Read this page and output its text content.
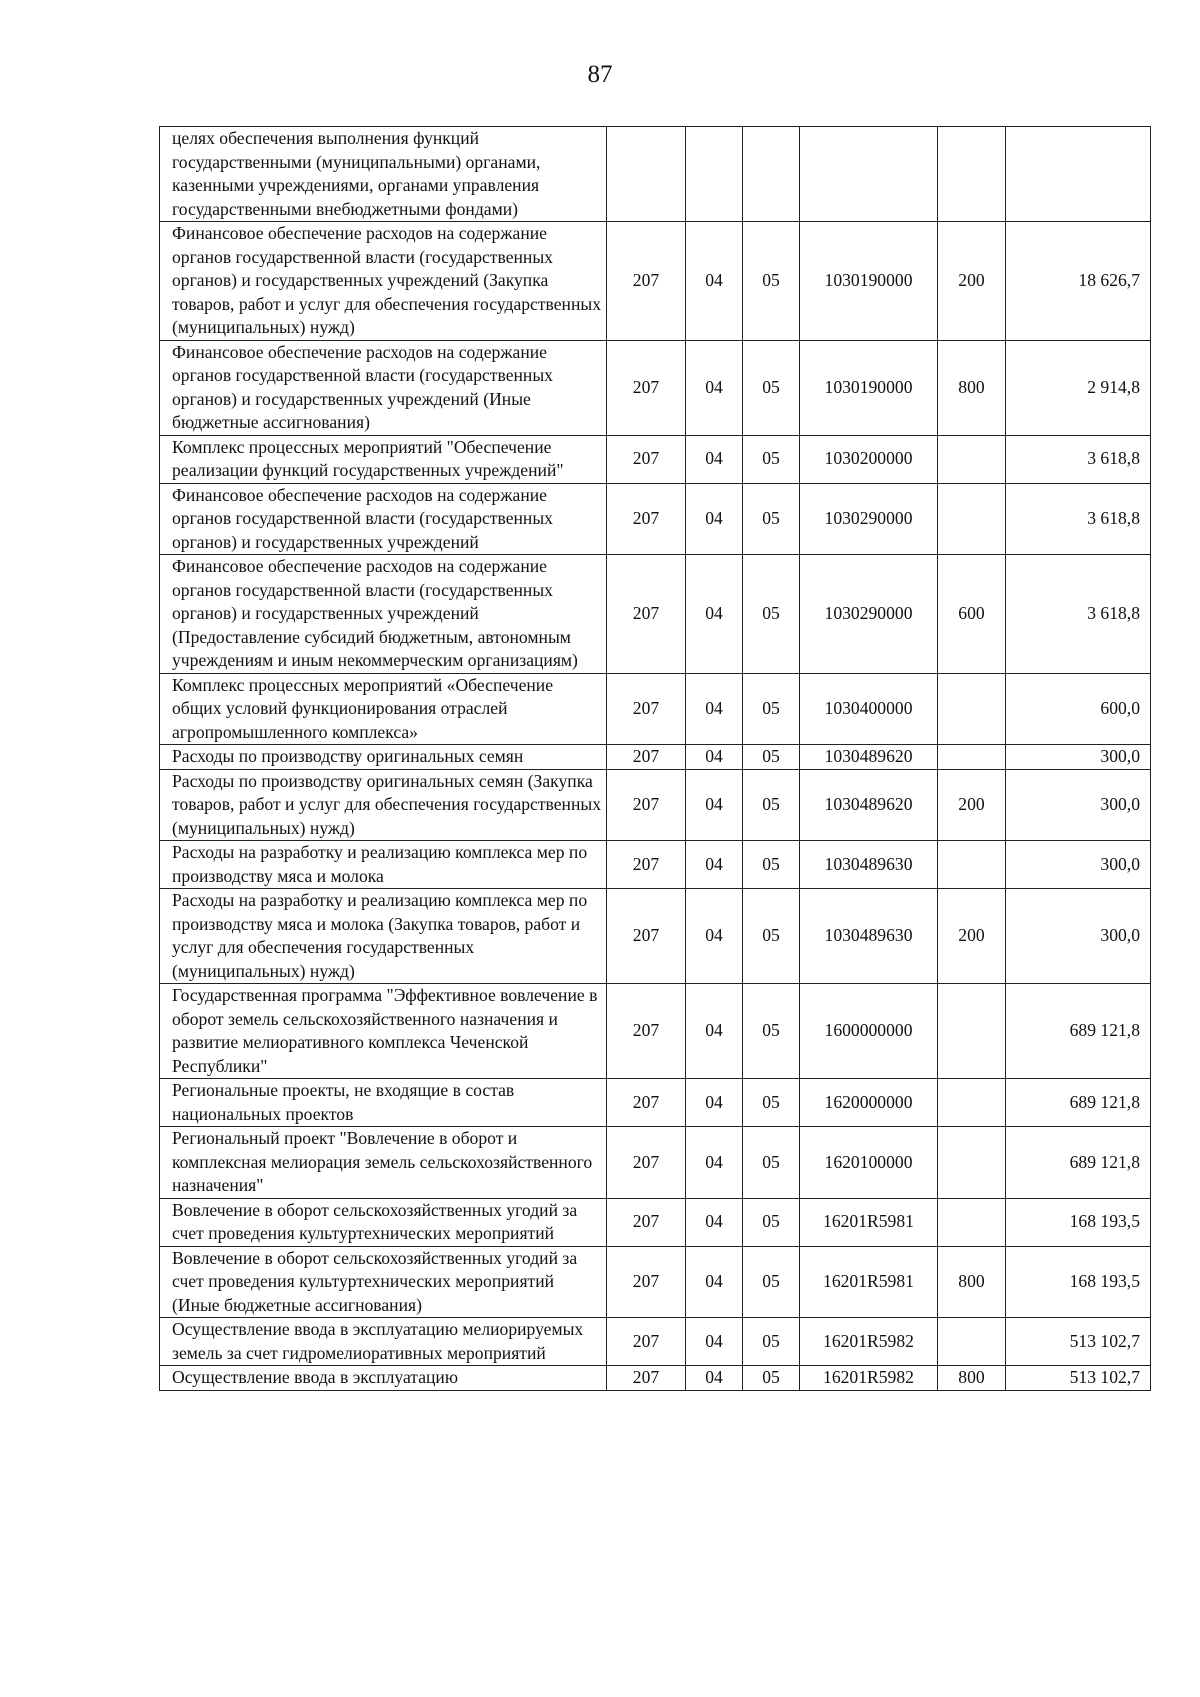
87
целях обеспечения выполнения функций государственными (муниципальными) органами, казенными учреждениями, органами управления государственными внебюджетными фондами)						
Финансовое обеспечение расходов на содержание органов государственной власти (государственных органов) и государственных учреждений (Закупка товаров, работ и услуг для обеспечения государственных (муниципальных) нужд)	207	04	05	1030190000	200	18 626,7
Финансовое обеспечение расходов на содержание органов государственной власти (государственных органов) и государственных учреждений (Иные бюджетные ассигнования)	207	04	05	1030190000	800	2 914,8
Комплекс процессных мероприятий "Обеспечение реализации функций государственных учреждений"	207	04	05	1030200000		3 618,8
Финансовое обеспечение расходов на содержание органов государственной власти (государственных органов) и государственных учреждений	207	04	05	1030290000		3 618,8
Финансовое обеспечение расходов на содержание органов государственной власти (государственных органов) и государственных учреждений (Предоставление субсидий бюджетным, автономным учреждениям и иным некоммерческим организациям)	207	04	05	1030290000	600	3 618,8
Комплекс процессных мероприятий «Обеспечение общих условий функционирования отраслей агропромышленного комплекса»	207	04	05	1030400000		600,0
Расходы по производству оригинальных семян	207	04	05	1030489620		300,0
Расходы по производству оригинальных семян (Закупка товаров, работ и услуг для обеспечения государственных (муниципальных) нужд)	207	04	05	1030489620	200	300,0
Расходы на разработку и реализацию комплекса мер по производству мяса и молока	207	04	05	1030489630		300,0
Расходы на разработку и реализацию комплекса мер по производству мяса и молока (Закупка товаров, работ и услуг для обеспечения государственных (муниципальных) нужд)	207	04	05	1030489630	200	300,0
Государственная программа "Эффективное вовлечение в оборот земель сельскохозяйственного назначения и развитие мелиоративного комплекса Чеченской Республики"	207	04	05	1600000000		689 121,8
Региональные проекты, не входящие в состав национальных проектов	207	04	05	1620000000		689 121,8
Региональный проект "Вовлечение в оборот и комплексная мелиорация земель сельскохозяйственного назначения"	207	04	05	1620100000		689 121,8
Вовлечение в оборот сельскохозяйственных угодий за счет проведения культуртехнических мероприятий	207	04	05	16201R5981		168 193,5
Вовлечение в оборот сельскохозяйственных угодий за счет проведения культуртехнических мероприятий (Иные бюджетные ассигнования)	207	04	05	16201R5981	800	168 193,5
Осуществление ввода в эксплуатацию мелиорируемых земель за счет гидромелиоративных мероприятий	207	04	05	16201R5982		513 102,7
Осуществление ввода в эксплуатацию	207	04	05	16201R5982	800	513 102,7
